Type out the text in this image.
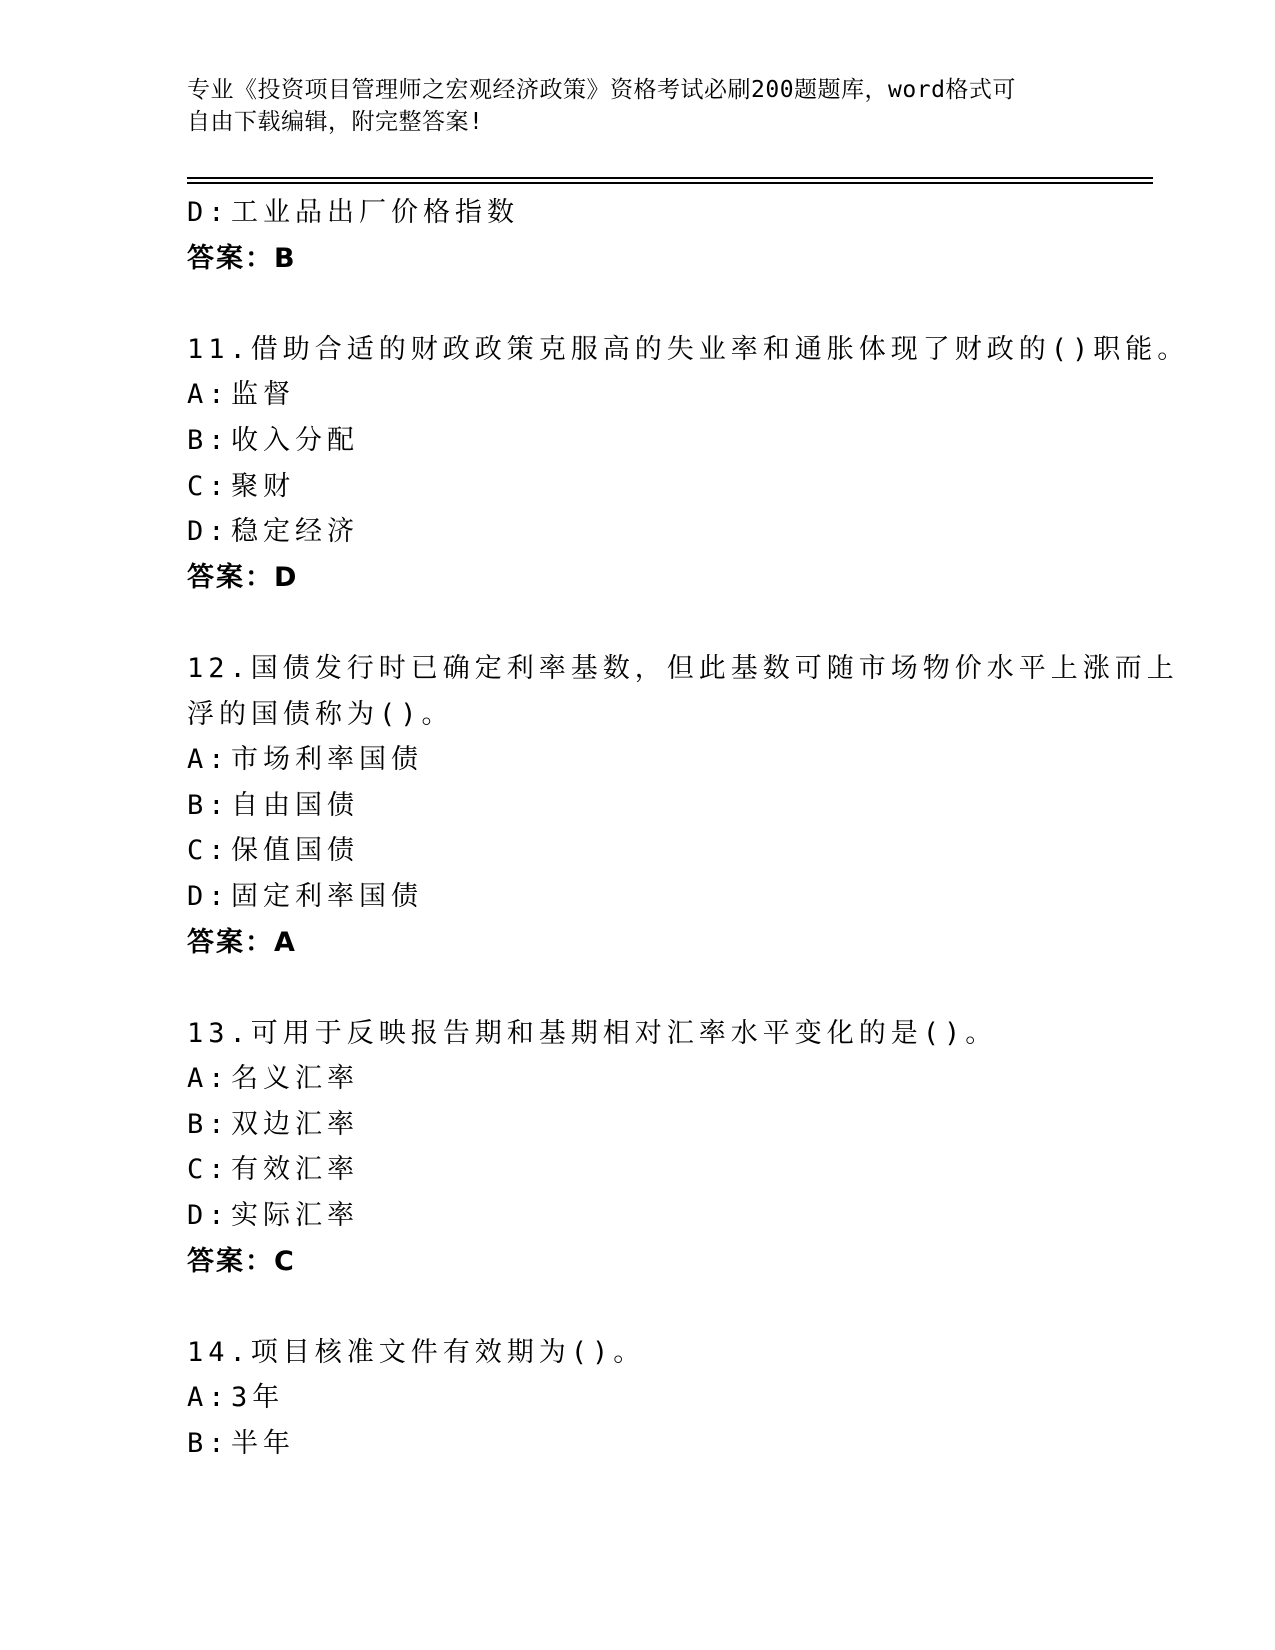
专业《投资项目管理师之宏观经济政策》资格考试必刷200题题库，word格式可
自由下载编辑，附完整答案!
D:工业品出厂价格指数
答案：B
11.借助合适的财政政策克服高的失业率和通胀体现了财政的()职能。
A:监督
B:收入分配
C:聚财
D:稳定经济
答案：D
12.国债发行时已确定利率基数，但此基数可随市场物价水平上涨而上
浮的国债称为()。
A:市场利率国债
B:自由国债
C:保值国债
D:固定利率国债
答案：A
13.可用于反映报告期和基期相对汇率水平变化的是()。
A:名义汇率
B:双边汇率
C:有效汇率
D:实际汇率
答案：C
14.项目核准文件有效期为()。
A:3年
B:半年
